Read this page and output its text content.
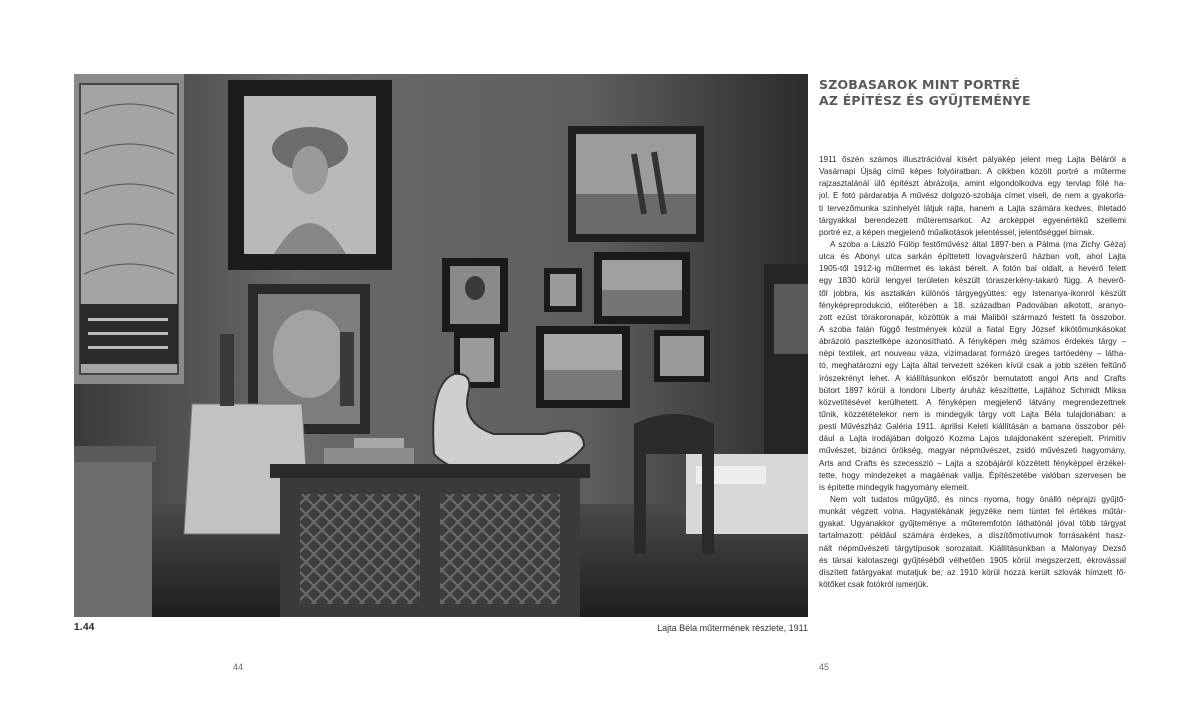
1.44	Lajta Béla műtermének részlete, 1911
SZOBASAROK MINT PORTRÉ
AZ ÉPÍTÉSZ ÉS GYŰJTEMÉNYE
1911 őszén számos illusztrációval kísért pályakép jelent meg Lajta Béláról a
Vasárnapi Újság című képes folyóiratban. A cikkben közölt portré a műterme
rajzasztalánál ülő építészt ábrázolja, amint elgondolkodva egy tervlap fölé ha-
jol. E fotó párdarabja A művész dolgozó-szobája címet viseli, de nem a gyakorla-
ti tervezőmunka színhelyét látjuk rajta, hanem a Lajta számára kedves, ihletadó
tárgyakkal berendezett műteremsarkot. Az arcképpel egyenértékű szellemi
portré ez, a képen megjelenő műalkotások jelentéssel, jelentőséggel bírnak.
A szoba a László Fülöp festőművész által 1897-ben a Pálma (ma Zichy Géza)
utca és Abonyi utca sarkán építtetett lovagvárszerű házban volt, ahol Lajta
1905-től 1912-ig műtermet és lakást bérelt. A fotón bal oldalt, a heverő felett
egy 1830 körül lengyel területen készült tóraszerkény-takaró függ. A heverő-
től jobbra, kis asztalkán különös tárgyegyüttes: egy Istenanya-ikonról készült
fényképreprodukció, előterében a 18. században Padovában alkotott, aranyo-
zott ezüst tórakoronapár, közöttük a mai Maliból származó festett fa összobor.
A szoba falán függő festmények közül a fiatal Egry József kikötőmunkásokat
ábrázoló pasztellképe azonosítható. A fényképen még számos érdekes tárgy –
népi textilek, art nouveau váza, vízimadarat formázó üreges tartóedény – látha-
tó, meghatározni egy Lajta által tervezett széken kívül csak a jobb szélen feltűnő
írószekrényt lehet. A kiállításunkon először bemutatott angol Arts and Crafts
bútort 1897 körül a londoni Liberty áruház készíttette, Lajtához Schmidt Miksa
közvetítésével kerülhetett. A fényképen megjelenő látvány megrendezettnek
tűnik, közzétételekor nem is mindegyik tárgy volt Lajta Béla tulajdonában: a
pesti Művészház Galéria 1911. áprilisi Keleti kiállításán a bamana összobor pél-
dául a Lajta irodájában dolgozó Kozma Lajos tulajdonaként szerepelt. Primitív
művészet, bizánci örökség, magyar népművészet, zsidó művészeti hagyomány,
Arts and Crafts és szecesszió – Lajta a szobájáról közzétett fényképpel érzékel-
tette, hogy mindezeket a magáénak vallja. Építészetébe valóban szervesen be
is építette mindegyik hagyomány elemeit.
Nem volt tudatos műgyűjtő, és nincs nyoma, hogy önálló néprajzi gyűjtő-
munkát végzett volna. Hagyatékának jegyzéke nem tüntet fel értékes műtár-
gyakat. Ugyanakkor gyűjteménye a műteremfotón láthatónál jóval több tárgyat
tartalmazott: például számára érdekes, a díszítőmotívumok forrásaként hasz-
nált népművészeti tárgytípusok sorozatait. Kiállításunkban a Malonyay Dezső
és társai kalotaszegi gyűjtéséből vélhetően 1905 körül megszerzett, ékrovással
díszített fatárgyakat mutatjuk be; az 1910 körül hozzá került szlovák hímzett fő-
kötőket csak fotókról ismerjük.
44	45
